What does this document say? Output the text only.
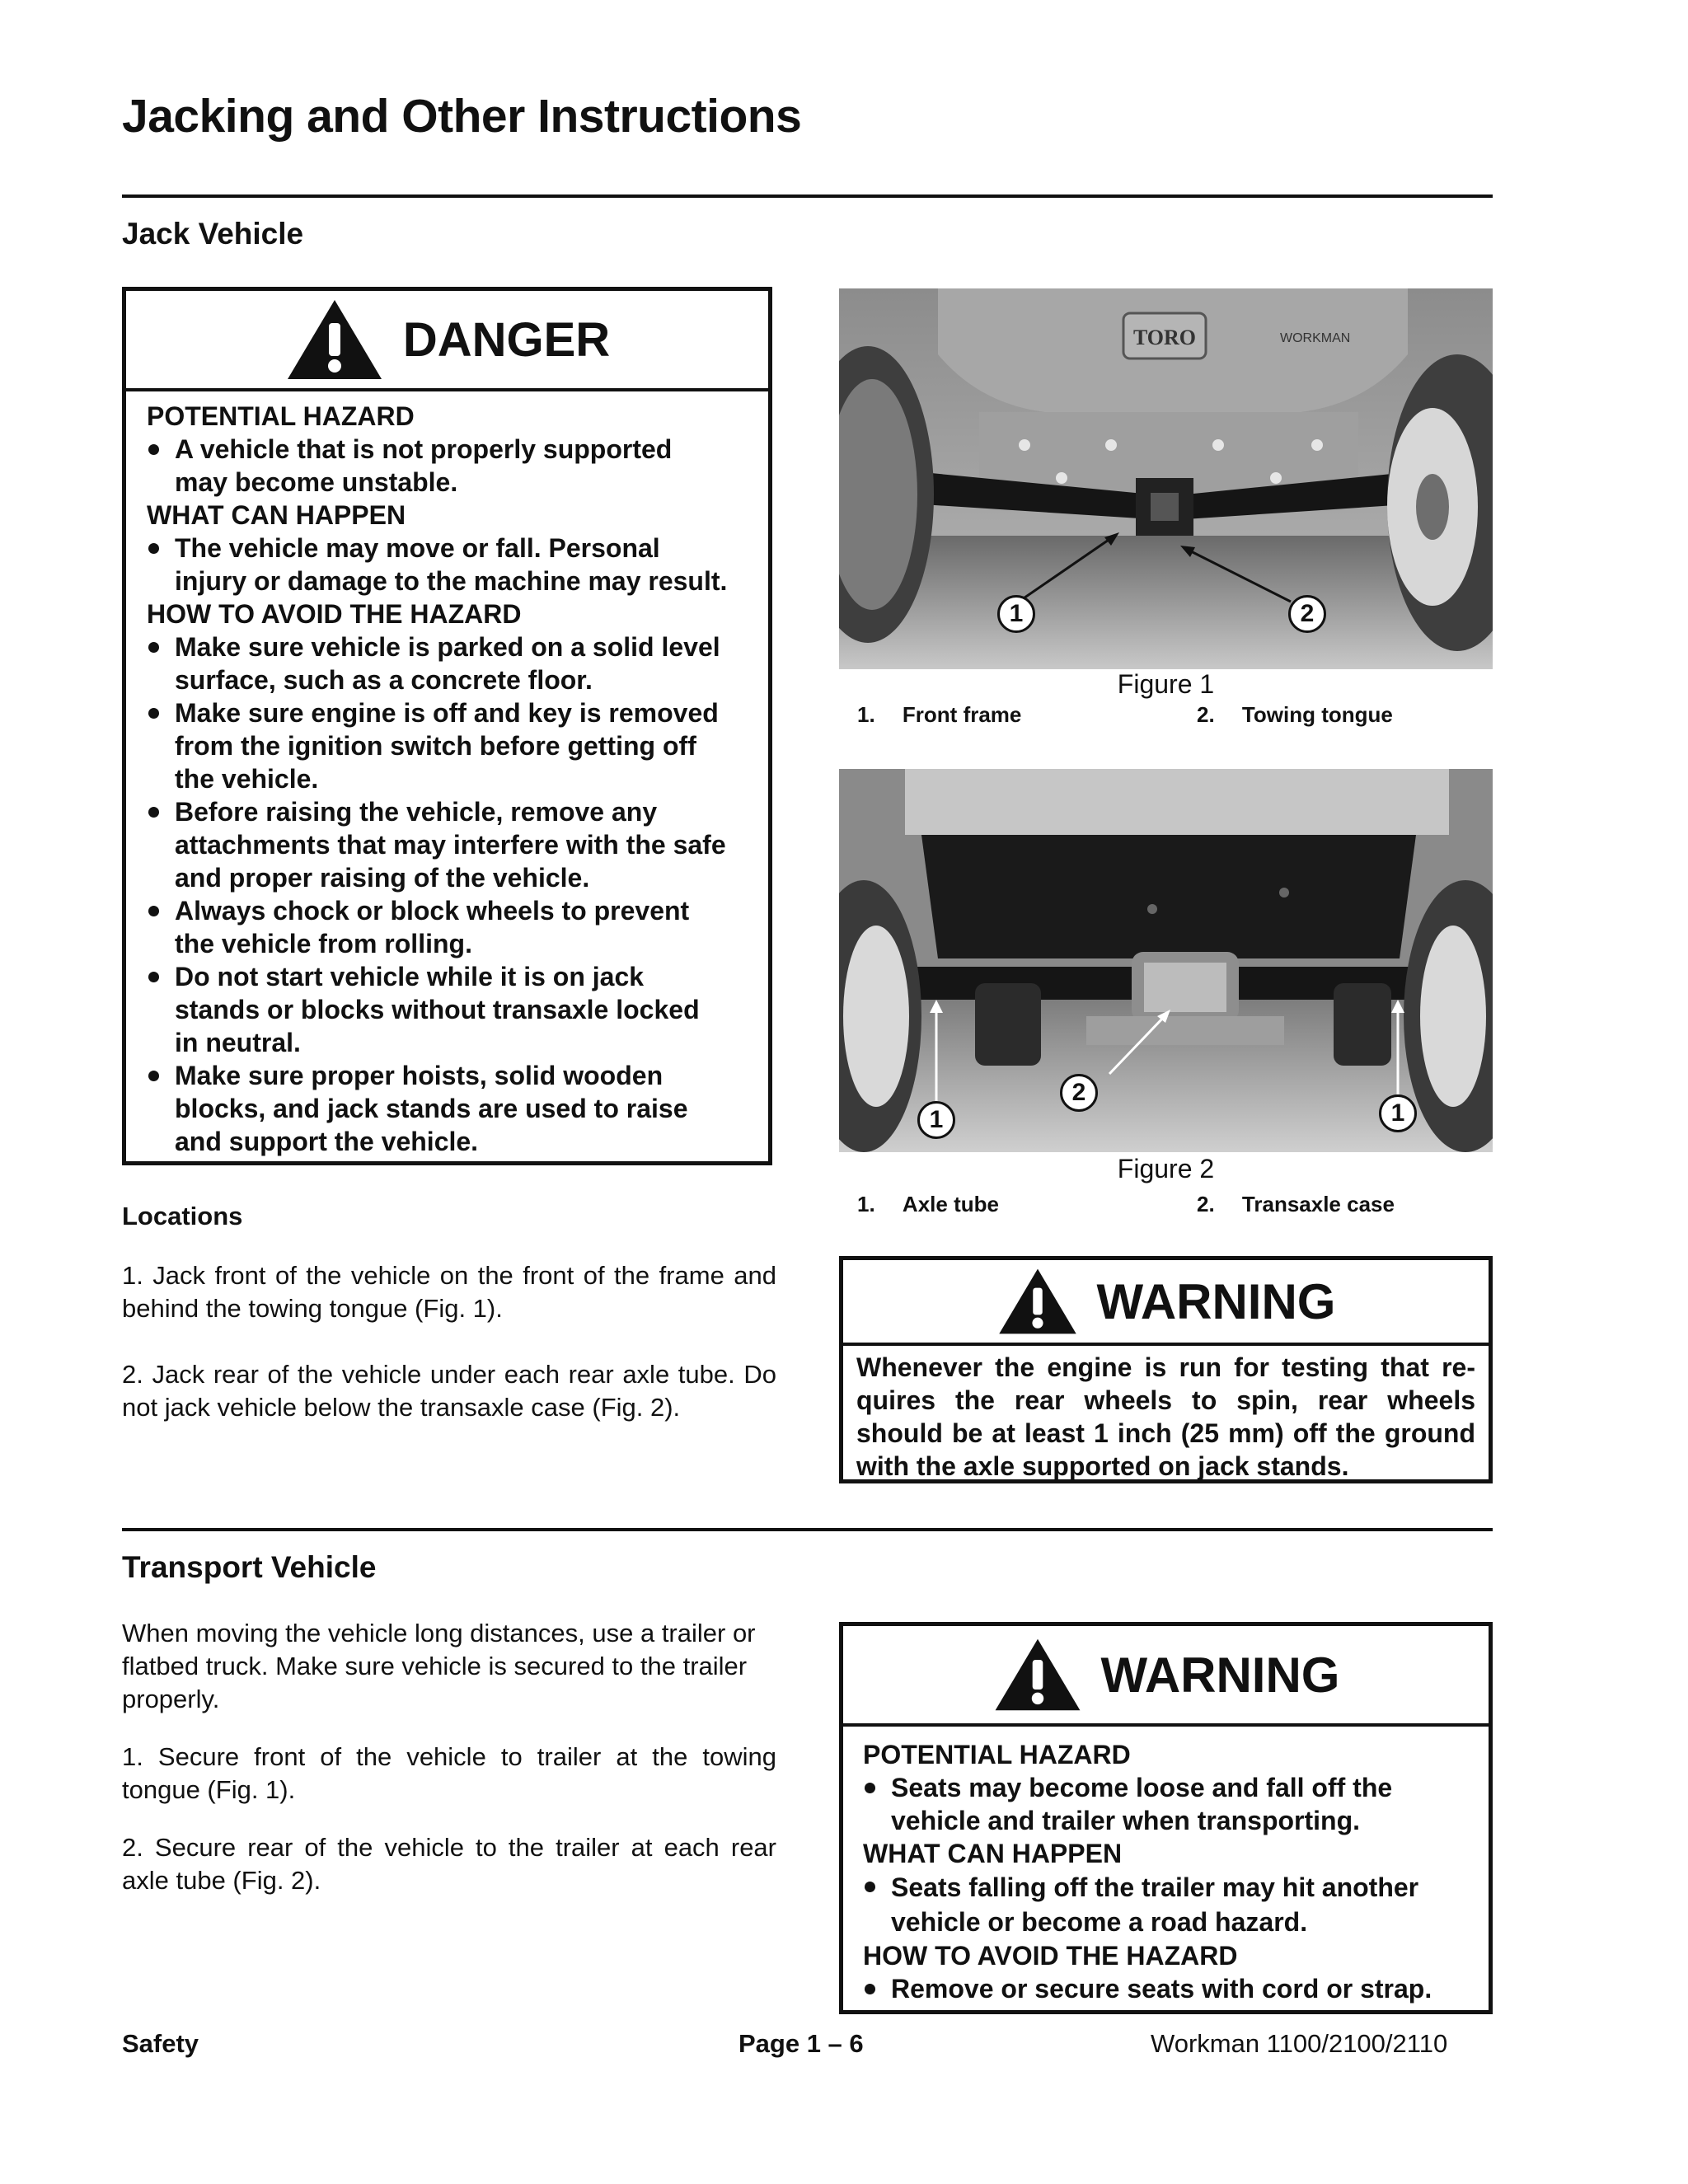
Jacking and Other Instructions
Jack Vehicle
DANGER

POTENTIAL HAZARD

A vehicle that is not properly supported
may become unstable.

WHAT CAN HAPPEN

The vehicle may move or fall. Personal
injury or damage to the machine may result.

HOW TO AVOID THE HAZARD

Make sure vehicle is parked on a solid level
surface, such as a concrete floor.
Make sure engine is off and key is removed
from the ignition switch before getting off
the vehicle.
Before raising the vehicle, remove any
attachments that may interfere with the safe
and proper raising of the vehicle.
Always chock or block wheels to prevent
the vehicle from rolling.
Do not start vehicle while it is on jack
stands or blocks without transaxle locked
in neutral.
Make sure proper hoists, solid wooden
blocks, and jack stands are used to raise
and support the vehicle.
Locations

1. Jack front of the vehicle on the front of the frame and behind the towing tongue (Fig. 1).

2. Jack rear of the vehicle under each rear axle tube. Do not jack vehicle below the transaxle case (Fig. 2).

TORO	WORKMAN
1	2
Figure 1
1. Front frame	2. Towing tongue
1
2
1
Figure 2
1. Axle tube	2. Transaxle case
WARNING
Whenever the engine is run for testing that re-
quires the rear wheels to spin, rear wheels
should be at least 1 inch (25 mm) off the ground
with the axle supported on jack stands.
Transport Vehicle

When moving the vehicle long distances, use a trailer or flatbed truck. Make sure vehicle is secured to the trailer properly.

1. Secure front of the vehicle to trailer at the towing tongue (Fig. 1).

2. Secure rear of the vehicle to the trailer at each rear axle tube (Fig. 2).

WARNING

POTENTIAL HAZARD

Seats may become loose and fall off the
vehicle and trailer when transporting.

WHAT CAN HAPPEN

Seats falling off the trailer may hit another
vehicle or become a road hazard.

HOW TO AVOID THE HAZARD

Remove or secure seats with cord or strap.
Safety	Page 1 – 6	Workman 1100/2100/2110
